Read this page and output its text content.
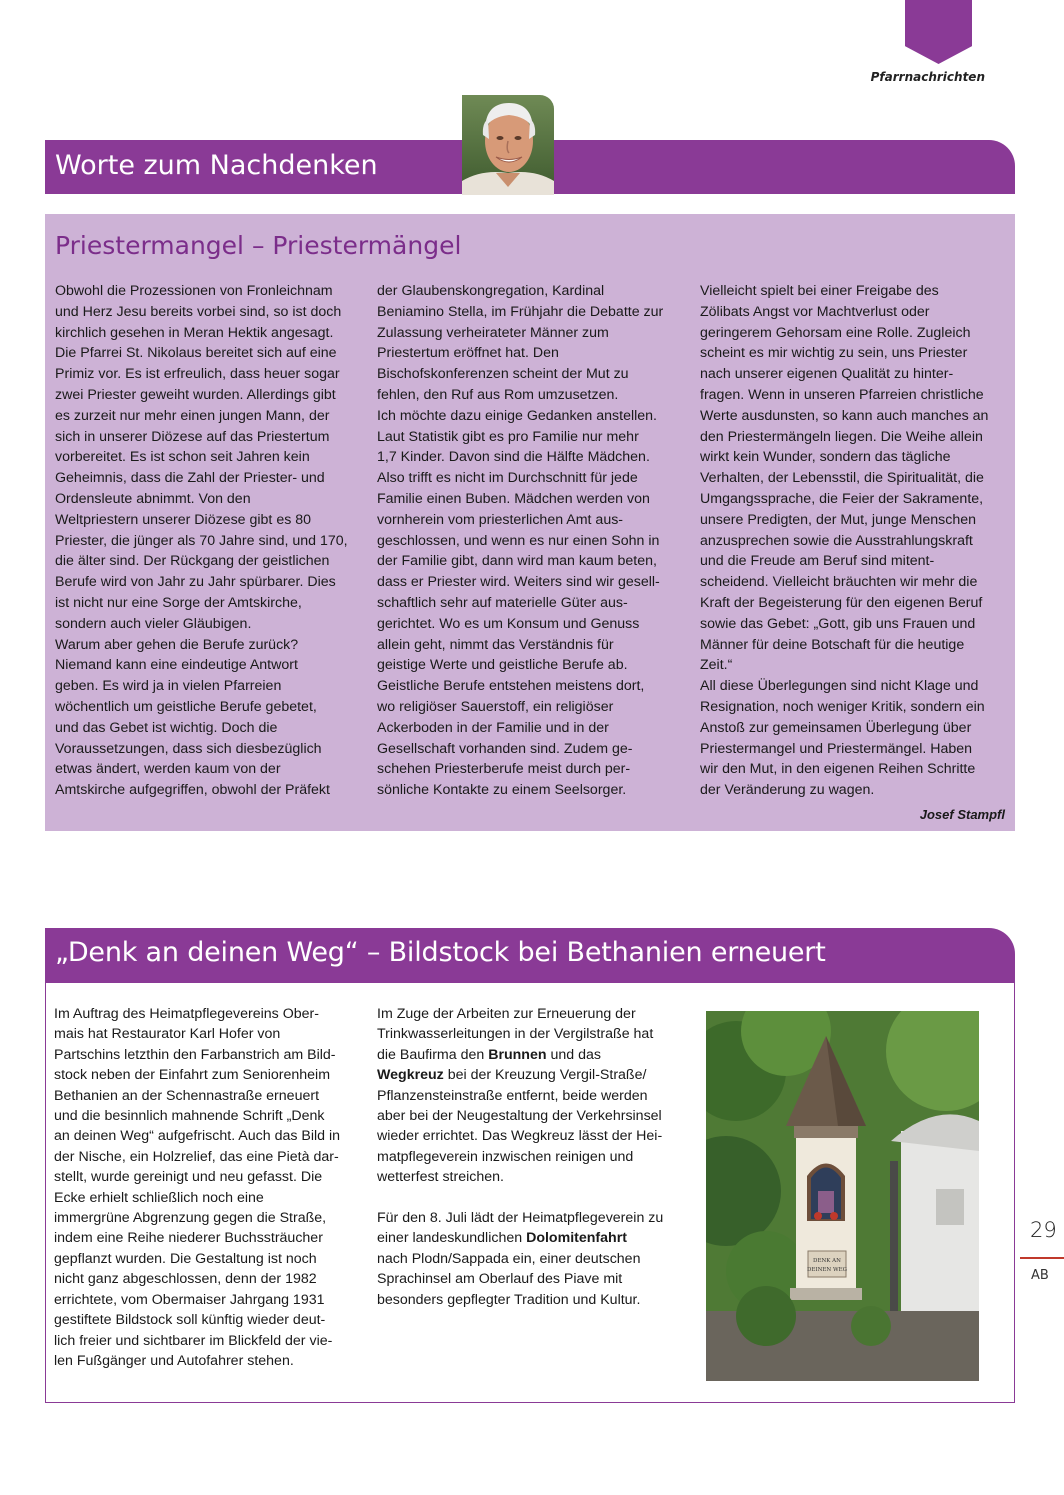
Pfarrnachrichten
Worte zum Nachdenken
Priestermangel – Priestermängel

Obwohl die Prozessionen von Fronleichnam

und Herz Jesu bereits vorbei sind, so ist doch

kirchlich gesehen in Meran Hektik angesagt.

Die Pfarrei St. Nikolaus bereitet sich auf eine

Primiz vor. Es ist erfreulich, dass heuer sogar

zwei Priester geweiht wurden. Allerdings gibt

es zurzeit nur mehr einen jungen Mann, der

sich in unserer Diözese auf das Priestertum

vorbereitet. Es ist schon seit Jahren kein

Geheimnis, dass die Zahl der Priester- und

Ordensleute abnimmt. Von den

Weltpriestern unserer Diözese gibt es 80

Priester, die jünger als 70 Jahre sind, und 170,

die älter sind. Der Rückgang der geistlichen

Berufe wird von Jahr zu Jahr spürbarer. Dies

ist nicht nur eine Sorge der Amtskirche,

sondern auch vieler Gläubigen.

Warum aber gehen die Berufe zurück?

Niemand kann eine eindeutige Antwort

geben. Es wird ja in vielen Pfarreien

wöchentlich um geistliche Berufe gebetet,

und das Gebet ist wichtig. Doch die

Voraussetzungen, dass sich diesbezüglich

etwas ändert, werden kaum von der

Amtskirche aufgegriffen, obwohl der Präfekt

der Glaubenskongregation, Kardinal

Beniamino Stella, im Frühjahr die Debatte zur

Zulassung verheirateter Männer zum

Priestertum eröffnet hat. Den

Bischofskonferenzen scheint der Mut zu

fehlen, den Ruf aus Rom umzusetzen.

Ich möchte dazu einige Gedanken anstellen.

Laut Statistik gibt es pro Familie nur mehr

1,7 Kinder. Davon sind die Hälfte Mädchen.

Also trifft es nicht im Durchschnitt für jede

Familie einen Buben. Mädchen werden von

vornherein vom priesterlichen Amt aus-

geschlossen, und wenn es nur einen Sohn in

der Familie gibt, dann wird man kaum beten,

dass er Priester wird. Weiters sind wir gesell-

schaftlich sehr auf materielle Güter aus-

gerichtet. Wo es um Konsum und Genuss

allein geht, nimmt das Verständnis für

geistige Werte und geistliche Berufe ab.

Geistliche Berufe entstehen meistens dort,

wo religiöser Sauerstoff, ein religiöser

Ackerboden in der Familie und in der

Gesellschaft vorhanden sind. Zudem ge-

schehen Priesterberufe meist durch per-

sönliche Kontakte zu einem Seelsorger.

Vielleicht spielt bei einer Freigabe des

Zölibats Angst vor Machtverlust oder

geringerem Gehorsam eine Rolle. Zugleich

scheint es mir wichtig zu sein, uns Priester

nach unserer eigenen Qualität zu hinter-

fragen. Wenn in unseren Pfarreien christliche

Werte ausdunsten, so kann auch manches an

den Priestermängeln liegen. Die Weihe allein

wirkt kein Wunder, sondern das tägliche

Verhalten, der Lebensstil, die Spiritualität, die

Umgangssprache, die Feier der Sakramente,

unsere Predigten, der Mut, junge Menschen

anzusprechen sowie die Ausstrahlungskraft

und die Freude am Beruf sind mitent-

scheidend. Vielleicht bräuchten wir mehr die

Kraft der Begeisterung für den eigenen Beruf

sowie das Gebet: „Gott, gib uns Frauen und

Männer für deine Botschaft für die heutige

Zeit.“

All diese Überlegungen sind nicht Klage und

Resignation, noch weniger Kritik, sondern ein

Anstoß zur gemeinsamen Überlegung über

Priestermangel und Priestermängel. Haben

wir den Mut, in den eigenen Reihen Schritte

der Veränderung zu wagen.

Josef Stampfl
„Denk an deinen Weg“ – Bildstock bei Bethanien erneuert

Im Auftrag des Heimatpflegevereins Ober-

mais hat Restaurator Karl Hofer von

Partschins letzthin den Farbanstrich am Bild-

stock neben der Einfahrt zum Seniorenheim

Bethanien an der Schennastraße erneuert

und die besinnlich mahnende Schrift „Denk

an deinen Weg“ aufgefrischt. Auch das Bild in

der Nische, ein Holzrelief, das eine Pietà dar-

stellt, wurde gereinigt und neu gefasst. Die

Ecke erhielt schließlich noch eine

immergrüne Abgrenzung gegen die Straße,

indem eine Reihe niederer Buchssträucher

gepflanzt wurden. Die Gestaltung ist noch

nicht ganz abgeschlossen, denn der 1982

errichtete, vom Obermaiser Jahrgang 1931

gestiftete Bildstock soll künftig wieder deut-

lich freier und sichtbarer im Blickfeld der vie-

len Fußgänger und Autofahrer stehen.

Im Zuge der Arbeiten zur Erneuerung der

Trinkwasserleitungen in der Vergilstraße hat

die Baufirma den Brunnen und das

Wegkreuz bei der Kreuzung Vergil-Straße/

Pflanzensteinstraße entfernt, beide werden

aber bei der Neugestaltung der Verkehrsinsel

wieder errichtet. Das Wegkreuz lässt der Hei-

matpflegeverein inzwischen reinigen und

wetterfest streichen.

Für den 8. Juli lädt der Heimatpflegeverein zu

einer landeskundlichen Dolomitenfahrt

nach Plodn/Sappada ein, einer deutschen

Sprachinsel am Oberlauf des Piave mit

besonders gepflegter Tradition und Kultur.

DENK AN
DEINEN WEG
29
AB
